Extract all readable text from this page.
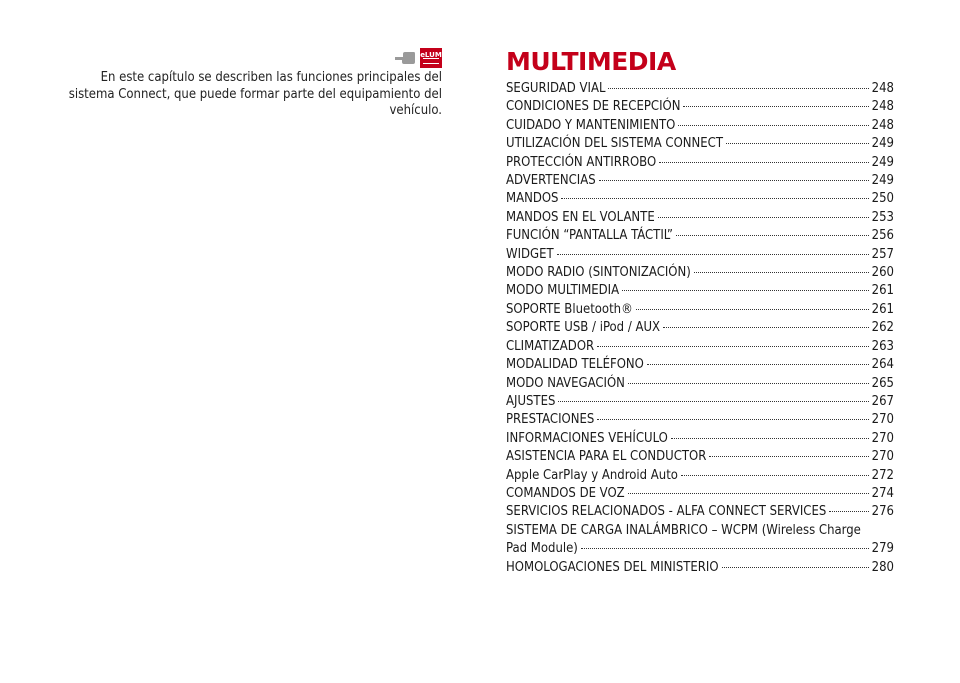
eLUM

En este capítulo se describen las funciones principales del sistema Connect, que puede formar parte del equipamiento del vehículo.

MULTIMEDIA
SEGURIDAD VIAL	248
CONDICIONES DE RECEPCIÓN	248
CUIDADO Y MANTENIMIENTO	248
UTILIZACIÓN DEL SISTEMA CONNECT	249
PROTECCIÓN ANTIRROBO	249
ADVERTENCIAS	249
MANDOS	250
MANDOS EN EL VOLANTE	253
FUNCIÓN “PANTALLA TÁCTIL”	256
WIDGET	257
MODO RADIO (SINTONIZACIÓN)	260
MODO MULTIMEDIA	261
SOPORTE Bluetooth®	261
SOPORTE USB / iPod / AUX	262
CLIMATIZADOR	263
MODALIDAD TELÉFONO	264
MODO NAVEGACIÓN	265
AJUSTES	267
PRESTACIONES	270
INFORMACIONES VEHÍCULO	270
ASISTENCIA PARA EL CONDUCTOR	270
Apple CarPlay y Android Auto	272
COMANDOS DE VOZ	274
SERVICIOS RELACIONADOS - ALFA CONNECT SERVICES	276
SISTEMA DE CARGA INALÁMBRICO – WCPM (Wireless Charge
Pad Module)	279
HOMOLOGACIONES DEL MINISTERIO	280
